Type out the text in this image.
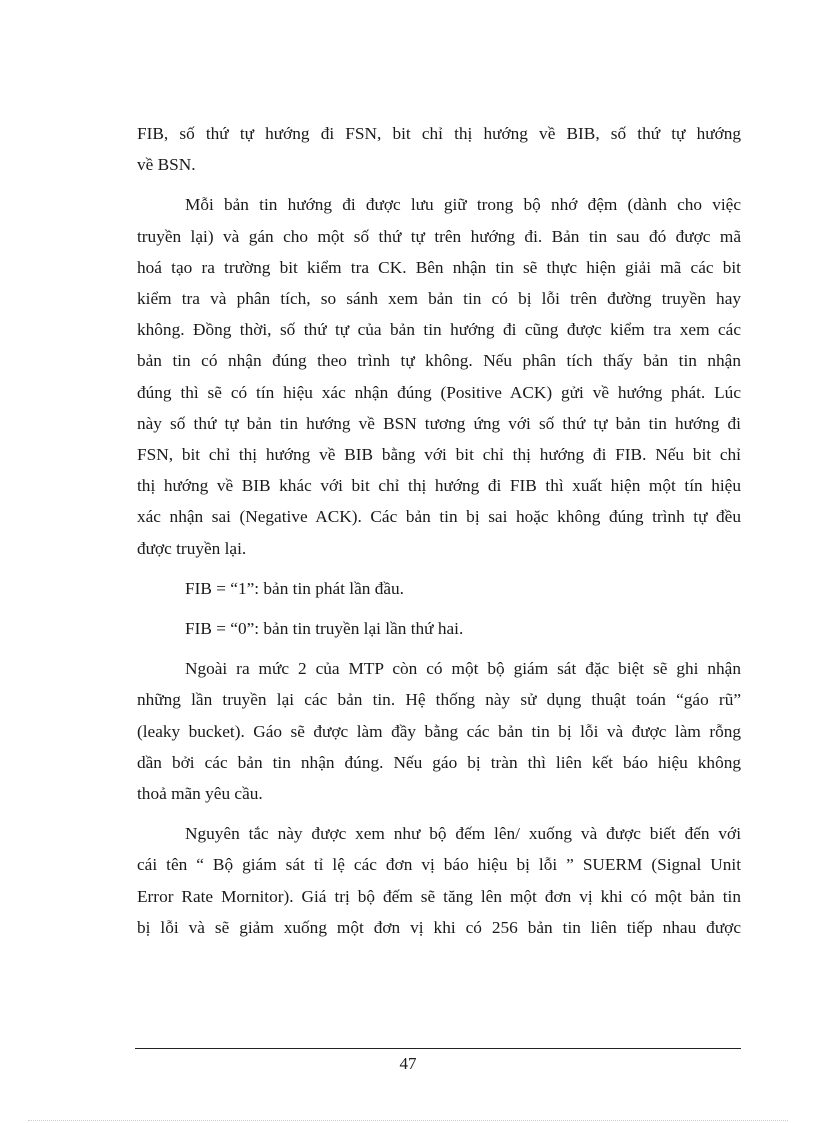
FIB, số thứ tự hướng đi FSN, bit chỉ thị hướng về BIB, số thứ tự hướng
về BSN.
Mỗi bản tin hướng đi được lưu giữ trong bộ nhớ đệm (dành cho việc
truyền lại) và gán cho một số thứ tự trên hướng đi. Bản tin sau đó được mã
hoá tạo ra trường bit kiểm tra CK. Bên nhận tin sẽ thực hiện giải mã các bit
kiểm tra và phân tích, so sánh xem bản tin có bị lỗi trên đường truyền hay
không. Đồng thời, số thứ tự của bản tin hướng đi cũng được kiểm tra xem các
bản tin có nhận đúng theo trình tự không. Nếu phân tích thấy bản tin nhận
đúng thì sẽ có tín hiệu xác nhận đúng (Positive ACK) gửi về hướng phát. Lúc
này số thứ tự bản tin hướng về BSN tương ứng với số thứ tự bản tin hướng đi
FSN, bit chỉ thị hướng về BIB bằng với bit chỉ thị hướng đi FIB. Nếu bit chỉ
thị hướng về BIB khác với bit chỉ thị hướng đi FIB thì xuất hiện một tín hiệu
xác nhận sai (Negative ACK). Các bản tin bị sai hoặc không đúng trình tự đều
được truyền lại.
FIB = “1”: bản tin phát lần đầu.
FIB = “0”: bản tin truyền lại lần thứ hai.
Ngoài ra mức 2 của MTP còn có một bộ giám sát đặc biệt sẽ ghi nhận
những lần truyền lại các bản tin. Hệ thống này sử dụng thuật toán “gáo rũ”
(leaky bucket). Gáo sẽ được làm đầy bằng các bản tin bị lỗi và được làm rỗng
dần bởi các bản tin nhận đúng. Nếu gáo bị tràn thì liên kết báo hiệu không
thoả mãn yêu cầu.
Nguyên tắc này được xem như bộ đếm lên/ xuống và được biết đến với
cái tên “ Bộ giám sát tỉ lệ các đơn vị báo hiệu bị lỗi ” SUERM (Signal Unit
Error Rate Mornitor). Giá trị bộ đếm sẽ tăng lên một đơn vị khi có một bản tin
bị lỗi và sẽ giảm xuống một đơn vị khi có 256 bản tin liên tiếp nhau được
47
